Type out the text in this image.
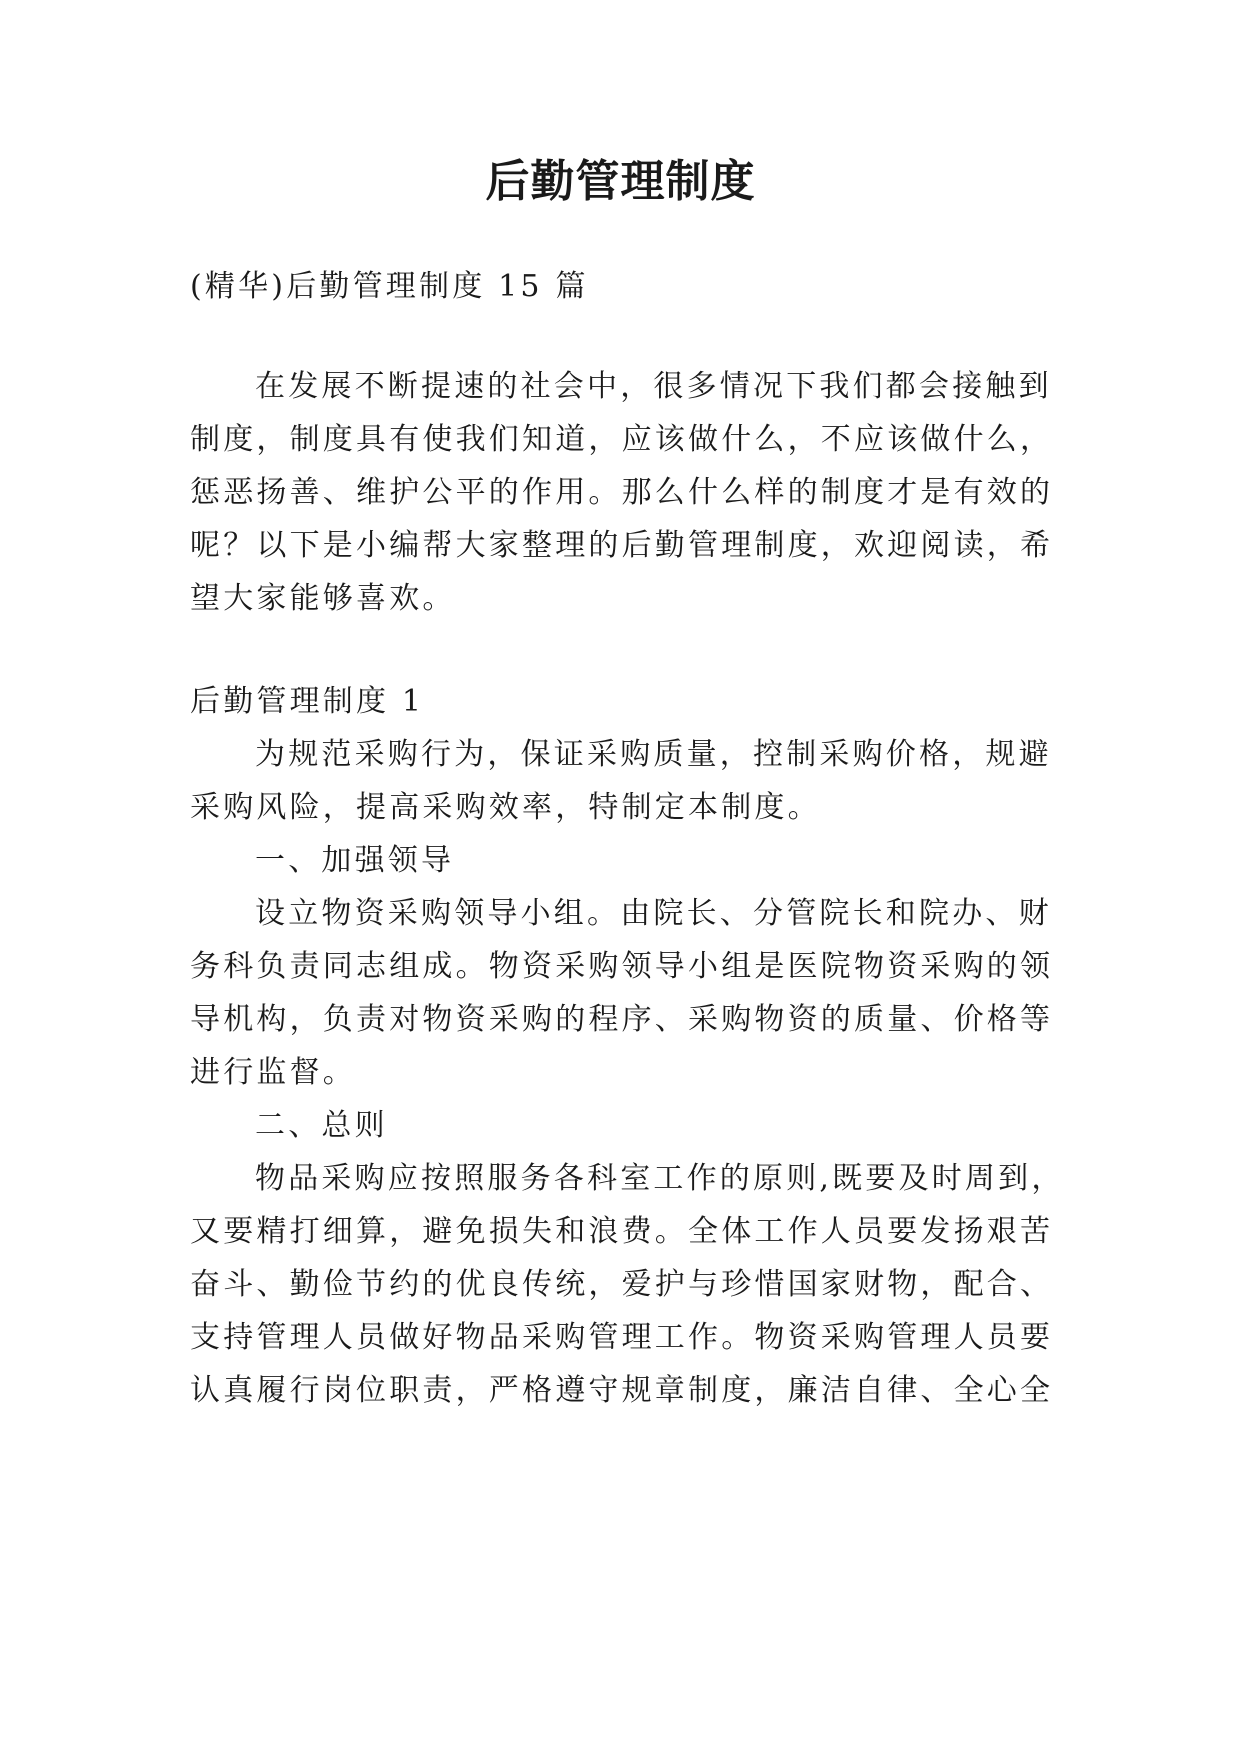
后勤管理制度
(精华)后勤管理制度 15 篇
在发展不断提速的社会中，很多情况下我们都会接触到
制度，制度具有使我们知道，应该做什么，不应该做什么，
惩恶扬善、维护公平的作用。那么什么样的制度才是有效的
呢？以下是小编帮大家整理的后勤管理制度，欢迎阅读，希
望大家能够喜欢。
后勤管理制度 1
为规范采购行为，保证采购质量，控制采购价格，规避
采购风险，提高采购效率，特制定本制度。
一、加强领导
设立物资采购领导小组。由院长、分管院长和院办、财
务科负责同志组成。物资采购领导小组是医院物资采购的领
导机构，负责对物资采购的程序、采购物资的质量、价格等
进行监督。
二、总则
物品采购应按照服务各科室工作的原则,既要及时周到，
又要精打细算，避免损失和浪费。全体工作人员要发扬艰苦
奋斗、勤俭节约的优良传统，爱护与珍惜国家财物，配合、
支持管理人员做好物品采购管理工作。物资采购管理人员要
认真履行岗位职责，严格遵守规章制度，廉洁自律、全心全
